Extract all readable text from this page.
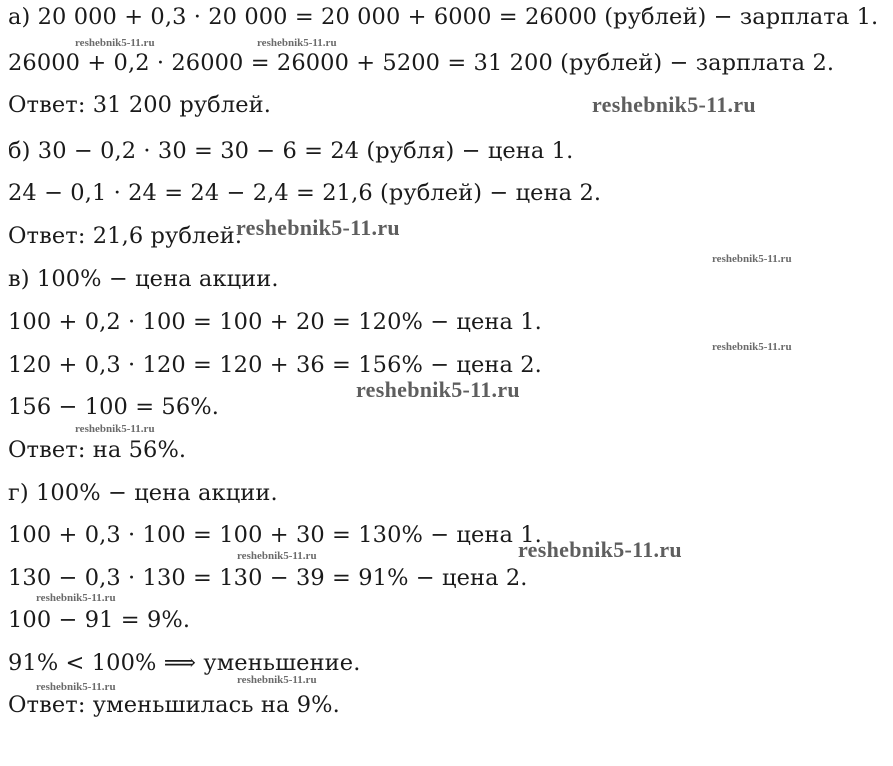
а) 20 000 + 0,3 · 20 000 = 20 000 + 6000 = 26000 (рублей) − зарплата 1.
26000 + 0,2 · 26000 = 26000 + 5200 = 31 200 (рублей) − зарплата 2.
Ответ: 31 200 рублей.
б) 30 − 0,2 · 30 = 30 − 6 = 24 (рубля) − цена 1.
24 − 0,1 · 24 = 24 − 2,4 = 21,6 (рублей) − цена 2.
Ответ: 21,6 рублей.
в) 100% − цена акции.
100 + 0,2 · 100 = 100 + 20 = 120% − цена 1.
120 + 0,3 · 120 = 120 + 36 = 156% − цена 2.
156 − 100 = 56%.
Ответ: на 56%.
г) 100% − цена акции.
100 + 0,3 · 100 = 100 + 30 = 130% − цена 1.
130 − 0,3 · 130 = 130 − 39 = 91% − цена 2.
100 − 91 = 9%.
91% < 100% ⟹ уменьшение.
Ответ: уменьшилась на 9%.
reshebnik5-11.ru	reshebnik5-11.ru
reshebnik5-11.ru
reshebnik5-11.ru
reshebnik5-11.ru
reshebnik5-11.ru
reshebnik5-11.ru
reshebnik5-11.ru
reshebnik5-11.ru
reshebnik5-11.ru
reshebnik5-11.ru
reshebnik5-11.ru
reshebnik5-11.ru
